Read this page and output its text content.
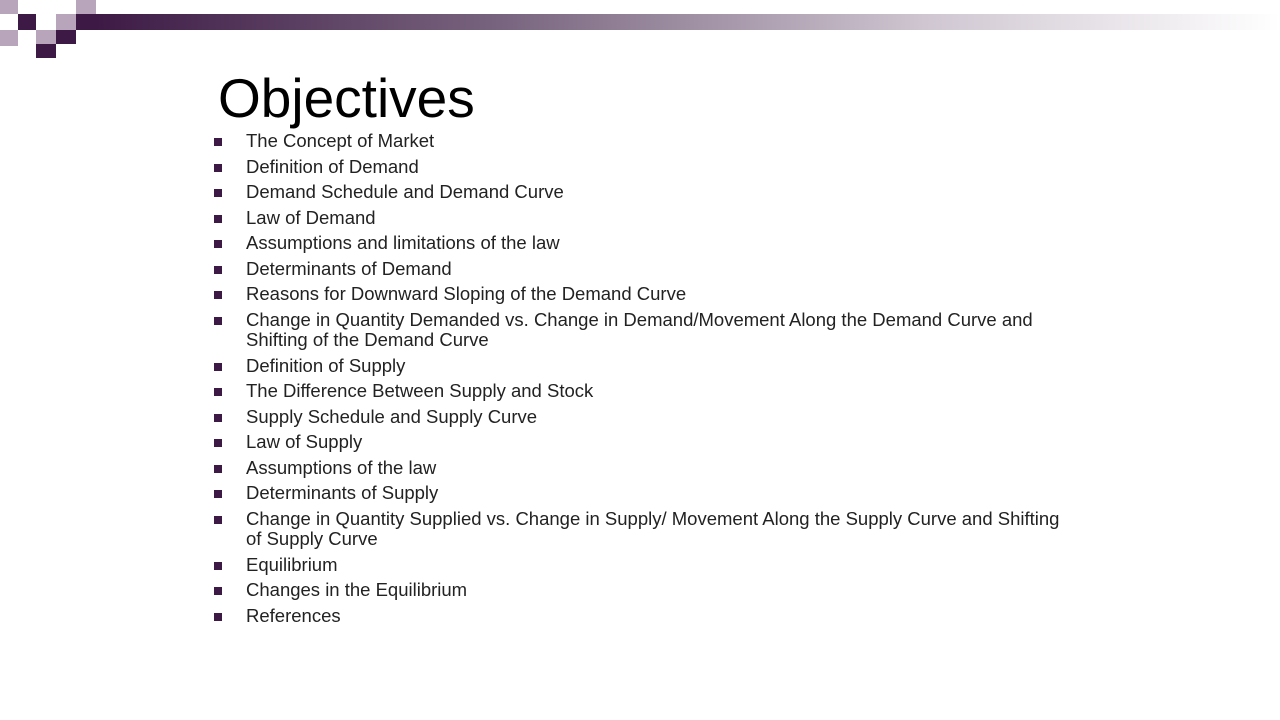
Objectives
The Concept of Market
Definition of Demand
Demand Schedule and Demand Curve
Law of Demand
Assumptions and limitations of the law
Determinants of Demand
Reasons for Downward Sloping of the Demand Curve
Change in Quantity Demanded vs. Change in Demand/Movement Along the Demand Curve and Shifting of the Demand Curve
Definition of Supply
The Difference Between Supply and Stock
Supply Schedule and Supply Curve
Law of Supply
Assumptions of the law
Determinants of Supply
Change in Quantity Supplied vs. Change in Supply/ Movement Along the Supply Curve and Shifting of Supply Curve
Equilibrium
Changes in the Equilibrium
References
